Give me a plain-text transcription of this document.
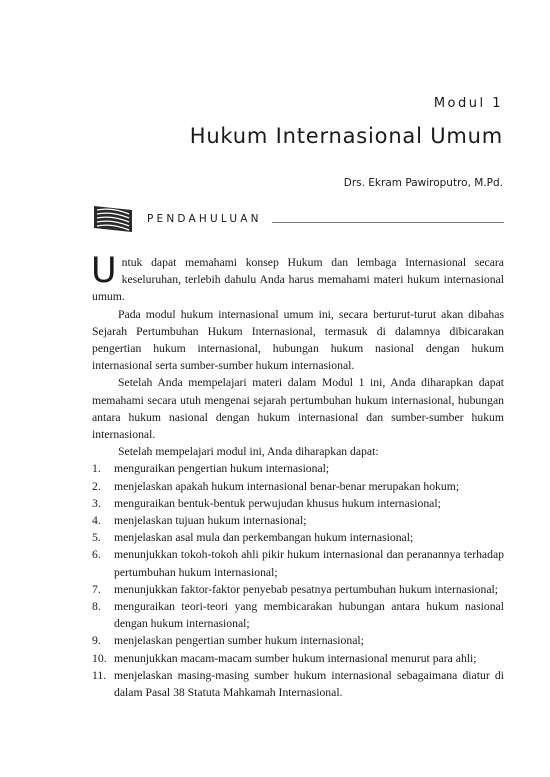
Modul 1
Hukum Internasional Umum
Drs. Ekram Pawiroputro, M.Pd.
PENDAHULUAN

Untuk dapat memahami konsep Hukum dan lembaga Internasional secara keseluruhan, terlebih dahulu Anda harus memahami materi hukum internasional umum.

Pada modul hukum internasional umum ini, secara berturut-turut akan dibahas Sejarah Pertumbuhan Hukum Internasional, termasuk di dalamnya dibicarakan pengertian hukum internasional, hubungan hukum nasional dengan hukum internasional serta sumber-sumber hukum internasional.

Setelah Anda mempelajari materi dalam Modul 1 ini, Anda diharapkan dapat memahami secara utuh mengenai sejarah pertumbuhan hukum internasional, hubungan antara hukum nasional dengan hukum internasional dan sumber-sumber hukum internasional.

Setelah mempelajari modul ini, Anda diharapkan dapat:

1. menguraikan pengertian hukum internasional;
2. menjelaskan apakah hukum internasional benar-benar merupakan hokum;
3. menguraikan bentuk-bentuk perwujudan khusus hukum internasional;
4. menjelaskan tujuan hukum internasional;
5. menjelaskan asal mula dan perkembangan hukum internasional;
6. menunjukkan tokoh-tokoh ahli pikir hukum internasional dan peranannya terhadap pertumbuhan hukum internasional;
7. menunjukkan faktor-faktor penyebab pesatnya pertumbuhan hukum internasional;
8. menguraikan teori-teori yang membicarakan hubungan antara hukum nasional dengan hukum internasional;
9. menjelaskan pengertian sumber hukum internasional;
10. menunjukkan macam-macam sumber hukum internasional menurut para ahli;
11. menjelaskan masing-masing sumber hukum internasional sebagaimana diatur di dalam Pasal 38 Statuta Mahkamah Internasional.
